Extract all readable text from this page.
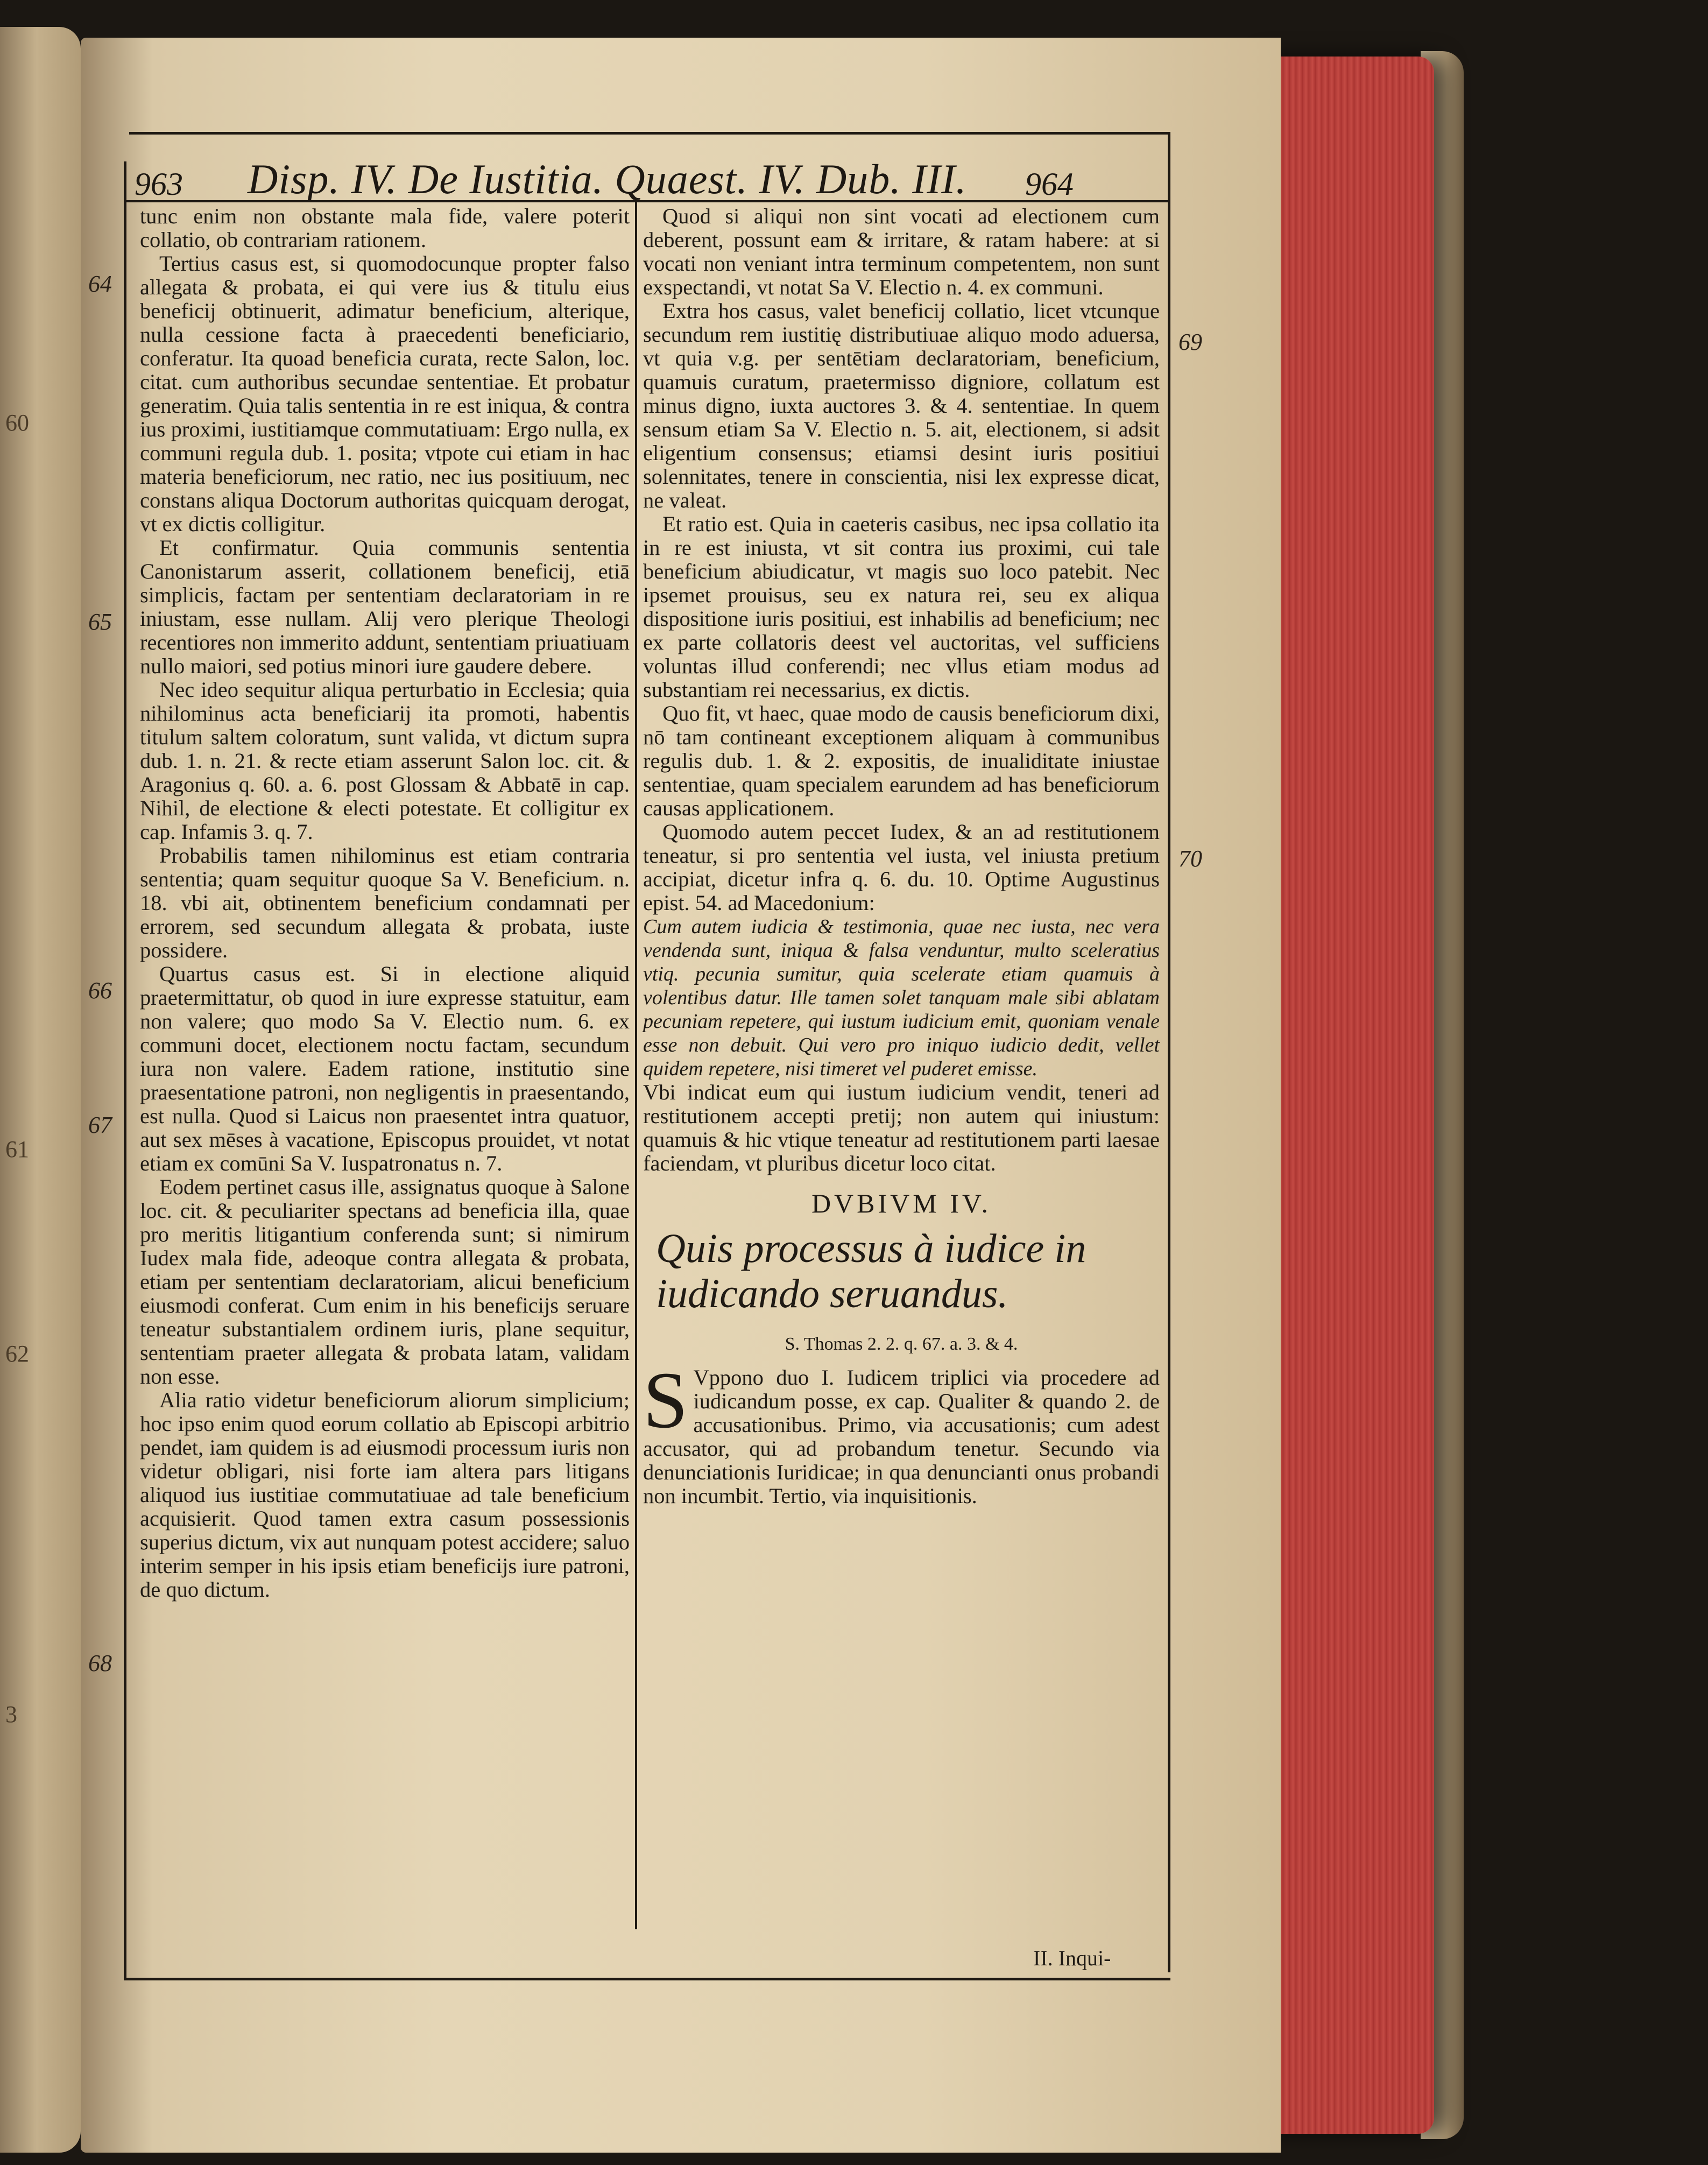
60
61
62
3
963 Disp. IV. De Iustitia. Quaest. IV. Dub. III. 964
64
65
66
67
68

tunc enim non obstante mala fide, valere poterit collatio, ob contrariam rationem.

Tertius casus est, si quomodocunque propter falso allegata & probata, ei qui vere ius & titulu eius beneficij obtinuerit, adimatur beneficium, alterique, nulla cessione facta à praecedenti beneficiario, conferatur. Ita quoad beneficia curata, recte Salon, loc. citat. cum authoribus secundae sententiae. Et probatur generatim. Quia talis sententia in re est iniqua, & contra ius proximi, iustitiamque commutatiuam: Ergo nulla, ex communi regula dub. 1. posita; vtpote cui etiam in hac materia beneficiorum, nec ratio, nec ius positiuum, nec constans aliqua Doctorum authoritas quicquam derogat, vt ex dictis colligitur.

Et confirmatur. Quia communis sententia Canonistarum asserit, collationem beneficij, etiā simplicis, factam per sententiam declaratoriam in re iniustam, esse nullam. Alij vero plerique Theologi recentiores non immerito addunt, sententiam priuatiuam nullo maiori, sed potius minori iure gaudere debere.

Nec ideo sequitur aliqua perturbatio in Ecclesia; quia nihilominus acta beneficiarij ita promoti, habentis titulum saltem coloratum, sunt valida, vt dictum supra dub. 1. n. 21. & recte etiam asserunt Salon loc. cit. & Aragonius q. 60. a. 6. post Glossam & Abbatē in cap. Nihil, de electione & electi potestate. Et colligitur ex cap. Infamis 3. q. 7.

Probabilis tamen nihilominus est etiam contraria sententia; quam sequitur quoque Sa V. Beneficium. n. 18. vbi ait, obtinentem beneficium condamnati per errorem, sed secundum allegata & probata, iuste possidere.

Quartus casus est. Si in electione aliquid praetermittatur, ob quod in iure expresse statuitur, eam non valere; quo modo Sa V. Electio num. 6. ex communi docet, electionem noctu factam, secundum iura non valere. Eadem ratione, institutio sine praesentatione patroni, non negligentis in praesentando, est nulla. Quod si Laicus non praesentet intra quatuor, aut sex mēses à vacatione, Episcopus prouidet, vt notat etiam ex comūni Sa V. Iuspatronatus n. 7.

Eodem pertinet casus ille, assignatus quoque à Salone loc. cit. & peculiariter spectans ad beneficia illa, quae pro meritis litigantium conferenda sunt; si nimirum Iudex mala fide, adeoque contra allegata & probata, etiam per sententiam declaratoriam, alicui beneficium eiusmodi conferat. Cum enim in his beneficijs seruare teneatur substantialem ordinem iuris, plane sequitur, sententiam praeter allegata & probata latam, validam non esse.

Alia ratio videtur beneficiorum aliorum simplicium; hoc ipso enim quod eorum collatio ab Episcopi arbitrio pendet, iam quidem is ad eiusmodi processum iuris non videtur obligari, nisi forte iam altera pars litigans aliquod ius iustitiae commutatiuae ad tale beneficium acquisierit. Quod tamen extra casum possessionis superius dictum, vix aut nunquam potest accidere; saluo interim semper in his ipsis etiam beneficijs iure patroni, de quo dictum.

Quod si aliqui non sint vocati ad electionem cum deberent, possunt eam & irritare, & ratam habere: at si vocati non veniant intra terminum competentem, non sunt exspectandi, vt notat Sa V. Electio n. 4. ex communi.

Extra hos casus, valet beneficij collatio, licet vtcunque secundum rem iustitię distributiuae aliquo modo aduersa, vt quia v.g. per sentētiam declaratoriam, beneficium, quamuis curatum, praetermisso digniore, collatum est minus digno, iuxta auctores 3. & 4. sententiae. In quem sensum etiam Sa V. Electio n. 5. ait, electionem, si adsit eligentium consensus; etiamsi desint iuris positiui solennitates, tenere in conscientia, nisi lex expresse dicat, ne valeat.

Et ratio est. Quia in caeteris casibus, nec ipsa collatio ita in re est iniusta, vt sit contra ius proximi, cui tale beneficium abiudicatur, vt magis suo loco patebit. Nec ipsemet prouisus, seu ex natura rei, seu ex aliqua dispositione iuris positiui, est inhabilis ad beneficium; nec ex parte collatoris deest vel auctoritas, vel sufficiens voluntas illud conferendi; nec vllus etiam modus ad substantiam rei necessarius, ex dictis.

Quo fit, vt haec, quae modo de causis beneficiorum dixi, nō tam contineant exceptionem aliquam à communibus regulis dub. 1. & 2. expositis, de inualiditate iniustae sententiae, quam specialem earundem ad has beneficiorum causas applicationem.

Quomodo autem peccet Iudex, & an ad restitutionem teneatur, si pro sententia vel iusta, vel iniusta pretium accipiat, dicetur infra q. 6. du. 10. Optime Augustinus epist. 54. ad Macedonium:

Cum autem iudicia & testimonia, quae nec iusta, nec vera vendenda sunt, iniqua & falsa venduntur, multo sceleratius vtiq. pecunia sumitur, quia scelerate etiam quamuis à volentibus datur. Ille tamen solet tanquam male sibi ablatam pecuniam repetere, qui iustum iudicium emit, quoniam venale esse non debuit. Qui vero pro iniquo iudicio dedit, vellet quidem repetere, nisi timeret vel puderet emisse.

Vbi indicat eum qui iustum iudicium vendit, teneri ad restitutionem accepti pretij; non autem qui iniustum: quamuis & hic vtique teneatur ad restitutionem parti laesae faciendam, vt pluribus dicetur loco citat.

DVBIVM IV.
Quis processus à iudice in iudicando seruandus.
S. Thomas 2. 2. q. 67. a. 3. & 4.

S Vppono duo I. Iudicem triplici via procedere ad iudicandum posse, ex cap. Qualiter & quando 2. de accusationibus. Primo, via accusationis; cum adest accusator, qui ad probandum tenetur. Secundo via denunciationis Iuridicae; in qua denuncianti onus probandi non incumbit. Tertio, via inquisitionis.

69
70
II. Inqui-
